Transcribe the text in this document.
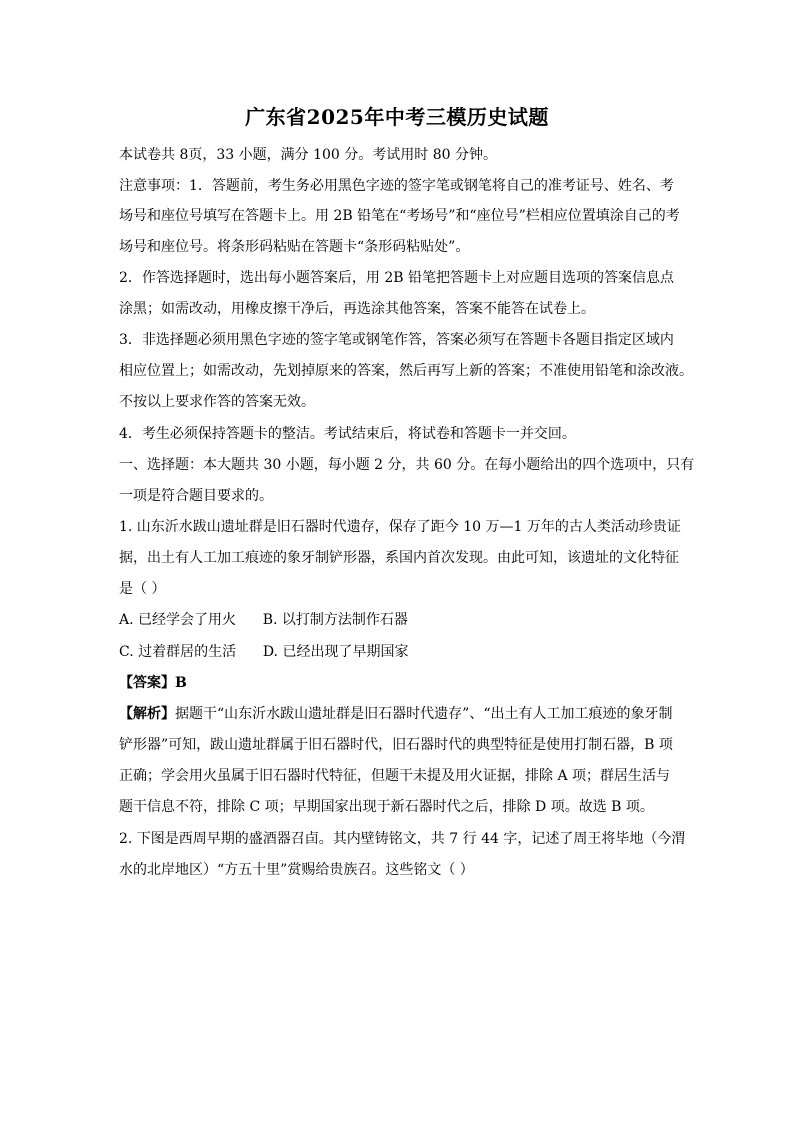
广东省2025年中考三模历史试题
本试卷共 8页，33 小题，满分 100 分。考试用时 80 分钟。
注意事项：1．答题前，考生务必用黑色字迹的签字笔或钢笔将自己的准考证号、姓名、考
场号和座位号填写在答题卡上。用 2B 铅笔在“考场号”和“座位号”栏相应位置填涂自己的考
场号和座位号。将条形码粘贴在答题卡“条形码粘贴处”。
2．作答选择题时，选出每小题答案后，用 2B 铅笔把答题卡上对应题目选项的答案信息点
涂黑；如需改动，用橡皮擦干净后，再选涂其他答案，答案不能答在试卷上。
3．非选择题必须用黑色字迹的签字笔或钢笔作答，答案必须写在答题卡各题目指定区域内
相应位置上；如需改动，先划掉原来的答案，然后再写上新的答案；不准使用铅笔和涂改液。
不按以上要求作答的答案无效。
4．考生必须保持答题卡的整洁。考试结束后，将试卷和答题卡一并交回。
一、选择题：本大题共 30 小题，每小题 2 分，共 60 分。在每小题给出的四个选项中，只有
一项是符合题目要求的。
1. 山东沂水跋山遗址群是旧石器时代遗存，保存了距今 10 万—1 万年的古人类活动珍贵证
据，出土有人工加工痕迹的象牙制铲形器，系国内首次发现。由此可知，该遗址的文化特征
是（ ）
A. 已经学会了用火      B. 以打制方法制作石器
C. 过着群居的生活      D. 已经出现了早期国家
【答案】B
【解析】据题干“山东沂水跋山遗址群是旧石器时代遗存”、“出土有人工加工痕迹的象牙制
铲形器”可知，跋山遗址群属于旧石器时代，旧石器时代的典型特征是使用打制石器，B 项
正确；学会用火虽属于旧石器时代特征，但题干未提及用火证据，排除 A 项；群居生活与
题干信息不符，排除 C 项；早期国家出现于新石器时代之后，排除 D 项。故选 B 项。
2. 下图是西周早期的盛酒器召卣。其内壁铸铭文，共 7 行 44 字，记述了周王将毕地（今渭
水的北岸地区）“方五十里”赏赐给贵族召。这些铭文（ ）
